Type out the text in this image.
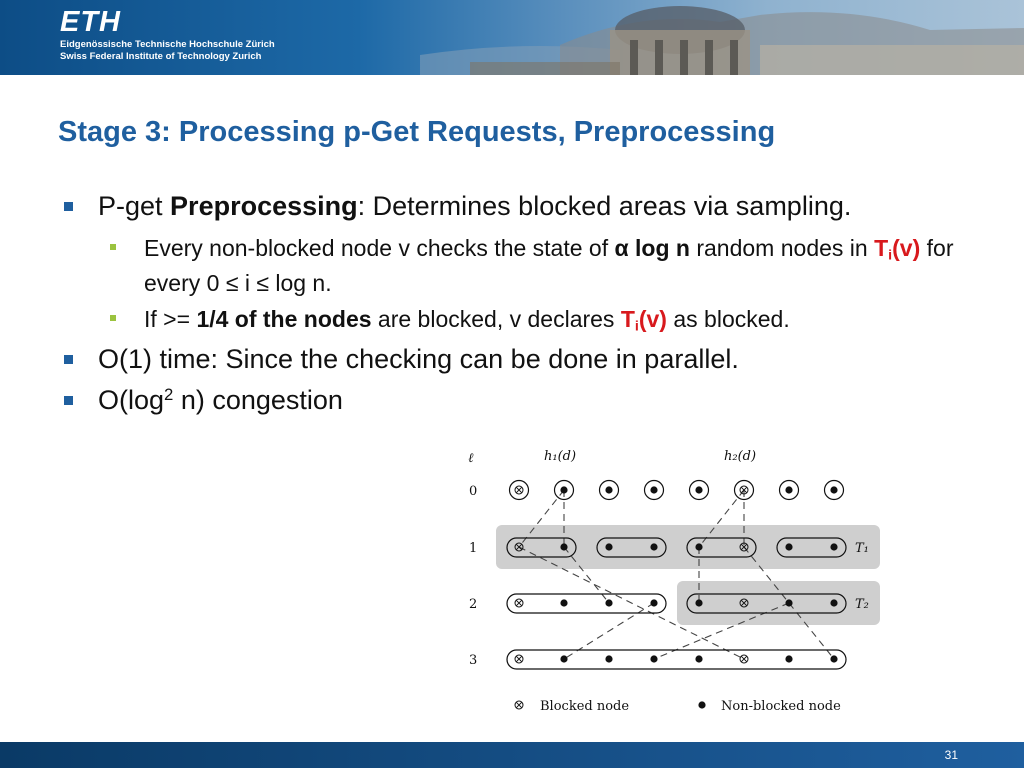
ETH
Eidgenössische Technische Hochschule Zürich
Swiss Federal Institute of Technology Zurich
Stage 3: Processing p-Get Requests, Preprocessing
P-get Preprocessing: Determines blocked areas via sampling.
Every non-blocked node v checks the state of α log n random nodes in $T_i(v)$ for every 0 ≤ i ≤ log n.
If >= 1/4 of the nodes are blocked, v declares $T_i(v)$ as blocked.
O(1) time: Since the checking can be done in parallel.
$O(\log^2$ n) congestion
ℓ	h₁(d)	h₂(d)
0
1
2
3
T₁
T₂
Blocked node	Non-blocked node
31
